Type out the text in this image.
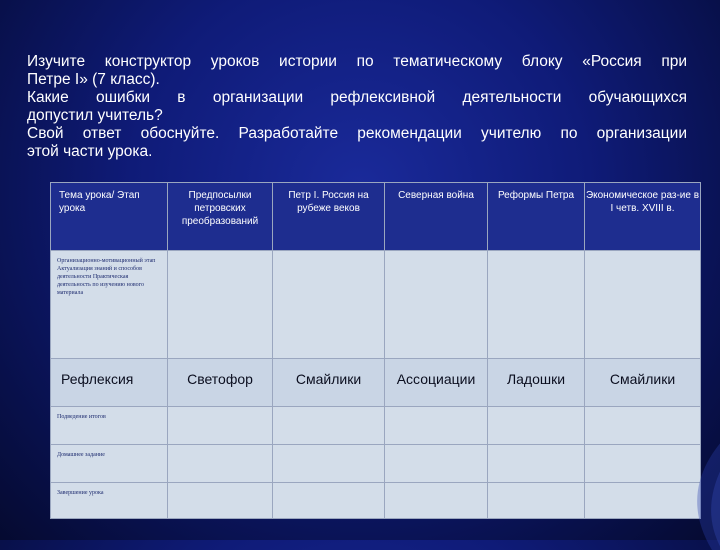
Изучите конструктор уроков истории по тематическому блоку «Россия при
Петре I» (7 класс).
Какие ошибки в организации рефлексивной деятельности обучающихся
допустил учитель?
Свой ответ обоснуйте. Разработайте рекомендации учителю по организации
этой части урока.
Тема урока/ Этап урока	Предпосылки петровских преобразований	Петр I. Россия на рубеже веков	Северная война	Реформы Петра	Экономическое раз-ие в I четв. XVIII в.
Организационно-мотивационный этап Актуализация знаний и способов деятельности Практическая деятельность по изучению нового материала					
Рефлексия	Светофор	Смайлики	Ассоциации	Ладошки	Смайлики
Подведение итогов					
Домашнее задание					
Завершение урока					
